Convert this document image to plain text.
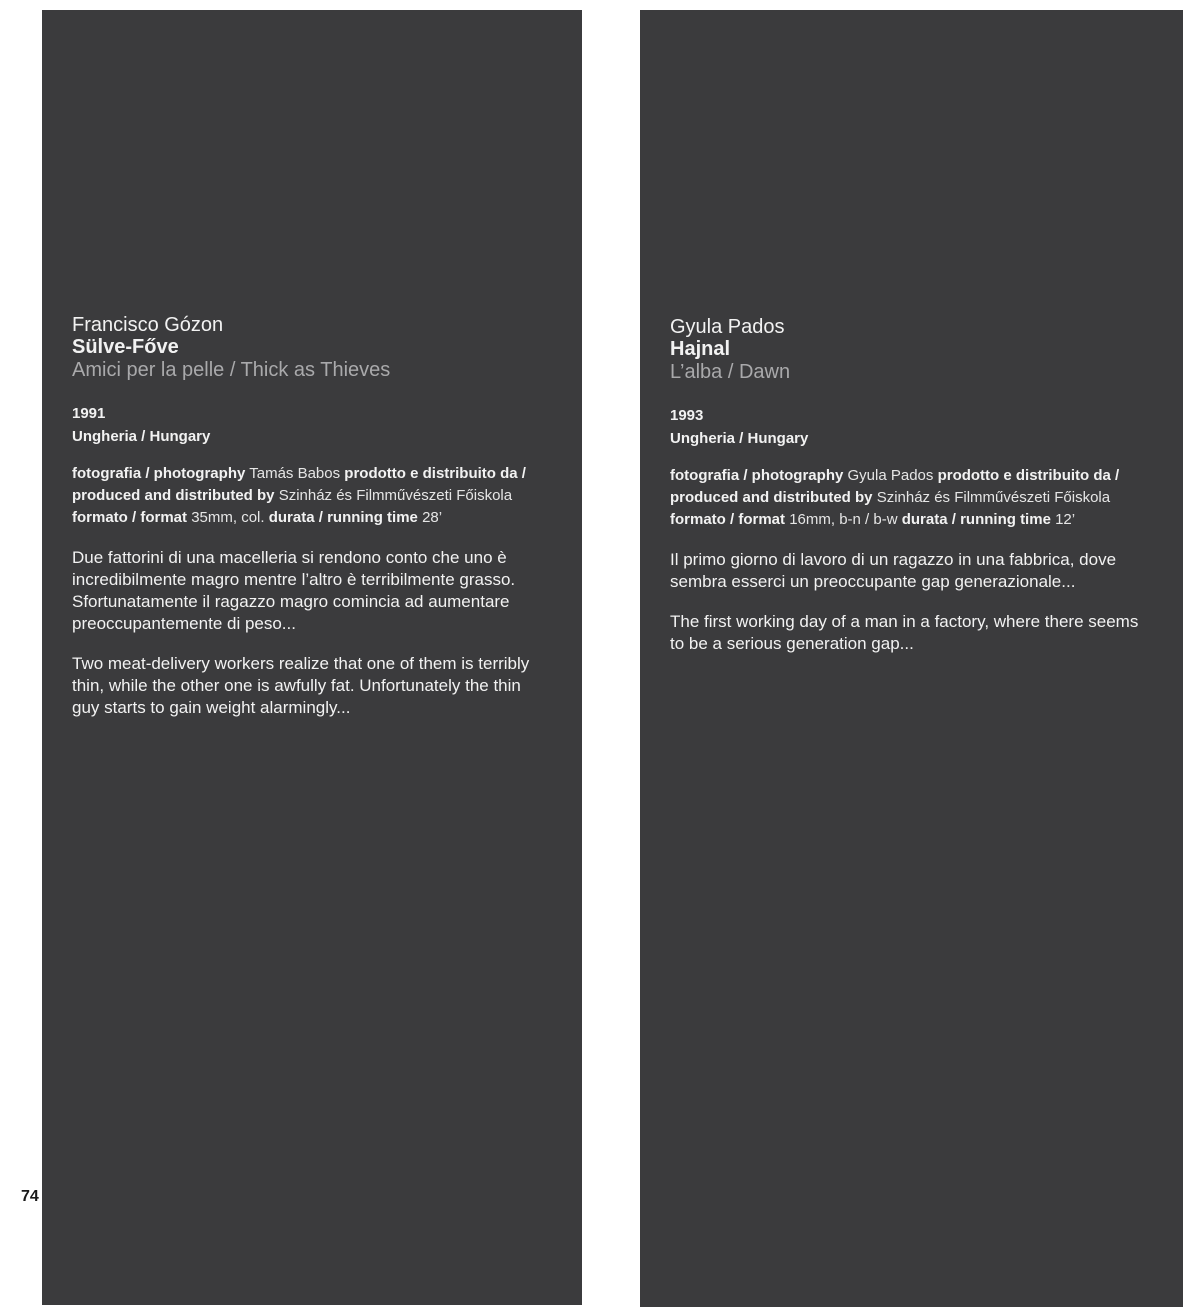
Francisco Gózon
Sülve-Főve
Amici per la pelle / Thick as Thieves
1991
Ungheria / Hungary
fotografia / photography Tamás Babos prodotto e distribuito da / produced and distributed by Szinház és Filmművészeti Főiskola formato / format 35mm, col. durata / running time 28’

Due fattorini di una macelleria si rendono conto che uno è incredibilmente magro mentre l’altro è terribilmente grasso. Sfortunatamente il ragazzo magro comincia ad aumentare preoccupantemente di peso...

Two meat-delivery workers realize that one of them is terribly thin, while the other one is awfully fat. Unfortunately the thin guy starts to gain weight alarmingly...

Gyula Pados
Hajnal
L’alba / Dawn
1993
Ungheria / Hungary
fotografia / photography Gyula Pados prodotto e distribuito da / produced and distributed by Szinház és Filmművészeti Főiskola formato / format 16mm, b-n / b-w durata / running time 12’

Il primo giorno di lavoro di un ragazzo in una fabbrica, dove sembra esserci un preoccupante gap generazionale...

The first working day of a man in a factory, where there seems to be a serious generation gap...

74
